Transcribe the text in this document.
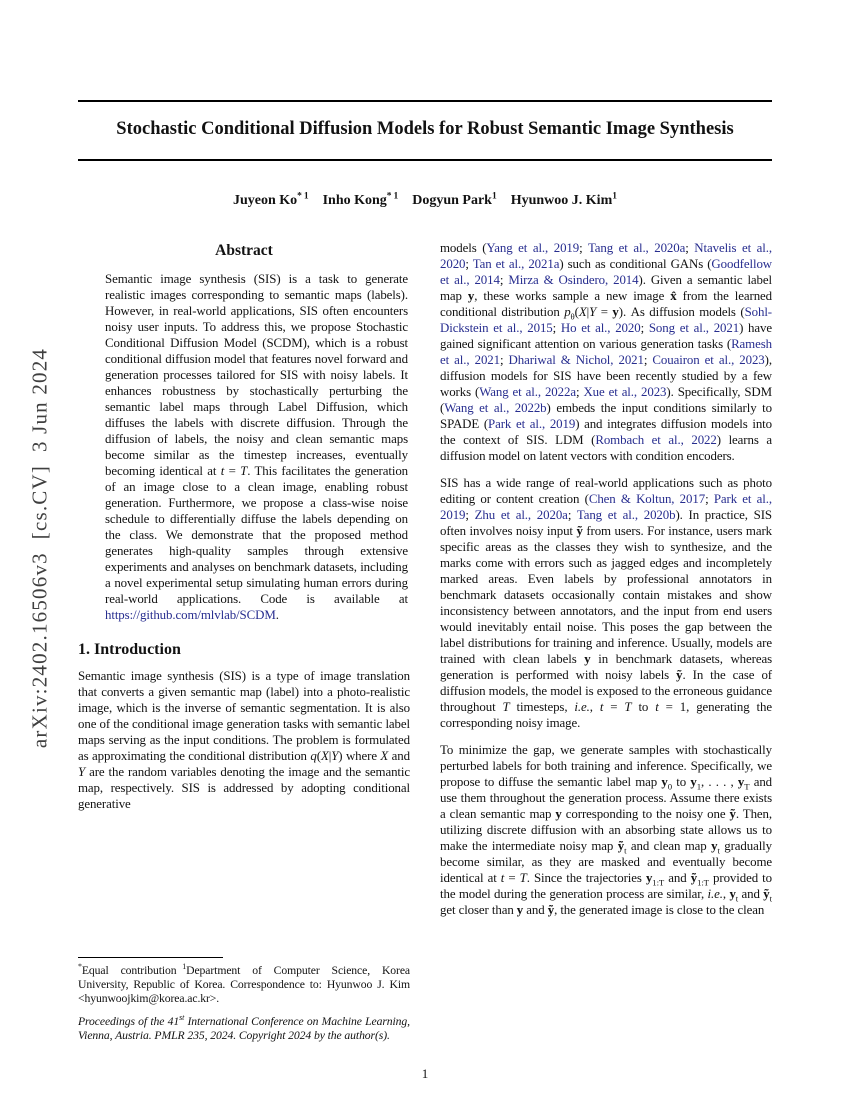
arXiv:2402.16506v3  [cs.CV]  3 Jun 2024
Stochastic Conditional Diffusion Models for Robust Semantic Image Synthesis
Juyeon Ko$^{* 1}$  Inho Kong$^{* 1}$  Dogyun Park$^1$  Hyunwoo J. Kim$^1$
Abstract

Semantic image synthesis (SIS) is a task to generate realistic images corresponding to semantic maps (labels). However, in real-world applications, SIS often encounters noisy user inputs. To address this, we propose Stochastic Conditional Diffusion Model (SCDM), which is a robust conditional diffusion model that features novel forward and generation processes tailored for SIS with noisy labels. It enhances robustness by stochastically perturbing the semantic label maps through Label Diffusion, which diffuses the labels with discrete diffusion. Through the diffusion of labels, the noisy and clean semantic maps become similar as the timestep increases, eventually becoming identical at t = T. This facilitates the generation of an image close to a clean image, enabling robust generation. Furthermore, we propose a class-wise noise schedule to differentially diffuse the labels depending on the class. We demonstrate that the proposed method generates high-quality samples through extensive experiments and analyses on benchmark datasets, including a novel experimental setup simulating human errors during real-world applications. Code is available at https://github.com/mlvlab/SCDM.

1. Introduction

Semantic image synthesis (SIS) is a type of image translation that converts a given semantic map (label) into a photo-realistic image, which is the inverse of semantic segmentation. It is also one of the conditional image generation tasks with semantic label maps serving as the input conditions. The problem is formulated as approximating the conditional distribution q(X|Y) where X and Y are the random variables denoting the image and the semantic map, respectively. SIS is addressed by adopting conditional generative

*Equal contribution $^1$Department of Computer Science, Korea University, Republic of Korea. Correspondence to: Hyunwoo J. Kim <hyunwoojkim@korea.ac.kr>.

Proceedings of the 41st International Conference on Machine Learning, Vienna, Austria. PMLR 235, 2024. Copyright 2024 by the author(s).

models (Yang et al., 2019; Tang et al., 2020a; Ntavelis et al., 2020; Tan et al., 2021a) such as conditional GANs (Goodfellow et al., 2014; Mirza & Osindero, 2014). Given a semantic label map y, these works sample a new image x̂ from the learned conditional distribution $p_\theta(X|Y = y)$. As diffusion models (Sohl-Dickstein et al., 2015; Ho et al., 2020; Song et al., 2021) have gained significant attention on various generation tasks (Ramesh et al., 2021; Dhariwal & Nichol, 2021; Couairon et al., 2023), diffusion models for SIS have been recently studied by a few works (Wang et al., 2022a; Xue et al., 2023). Specifically, SDM (Wang et al., 2022b) embeds the input conditions similarly to SPADE (Park et al., 2019) and integrates diffusion models into the context of SIS. LDM (Rombach et al., 2022) learns a diffusion model on latent vectors with condition encoders.

SIS has a wide range of real-world applications such as photo editing or content creation (Chen & Koltun, 2017; Park et al., 2019; Zhu et al., 2020a; Tang et al., 2020b). In practice, SIS often involves noisy input ỹ from users. For instance, users mark specific areas as the classes they wish to synthesize, and the marks come with errors such as jagged edges and incompletely marked areas. Even labels by professional annotators in benchmark datasets occasionally contain mistakes and show inconsistency between annotators, and the input from end users would inevitably entail noise. This poses the gap between the label distributions for training and inference. Usually, models are trained with clean labels y in benchmark datasets, whereas generation is performed with noisy labels ỹ. In the case of diffusion models, the model is exposed to the erroneous guidance throughout T timesteps, i.e., t = T to t = 1, generating the corresponding noisy image.

To minimize the gap, we generate samples with stochastically perturbed labels for both training and inference. Specifically, we propose to diffuse the semantic label map $y_0$ to $y_1$, . . . , $y_T$ and use them throughout the generation process. Assume there exists a clean semantic map y corresponding to the noisy one ỹ. Then, utilizing discrete diffusion with an absorbing state allows us to make the intermediate noisy map $ỹ_t$ and clean map $y_t$ gradually become similar, as they are masked and eventually become identical at t = T. Since the trajectories $y_{1:T}$ and $ỹ_{1:T}$ provided to the model during the generation process are similar, i.e., $y_t$ and $ỹ_t$ get closer than y and ỹ, the generated image is close to the clean

1
